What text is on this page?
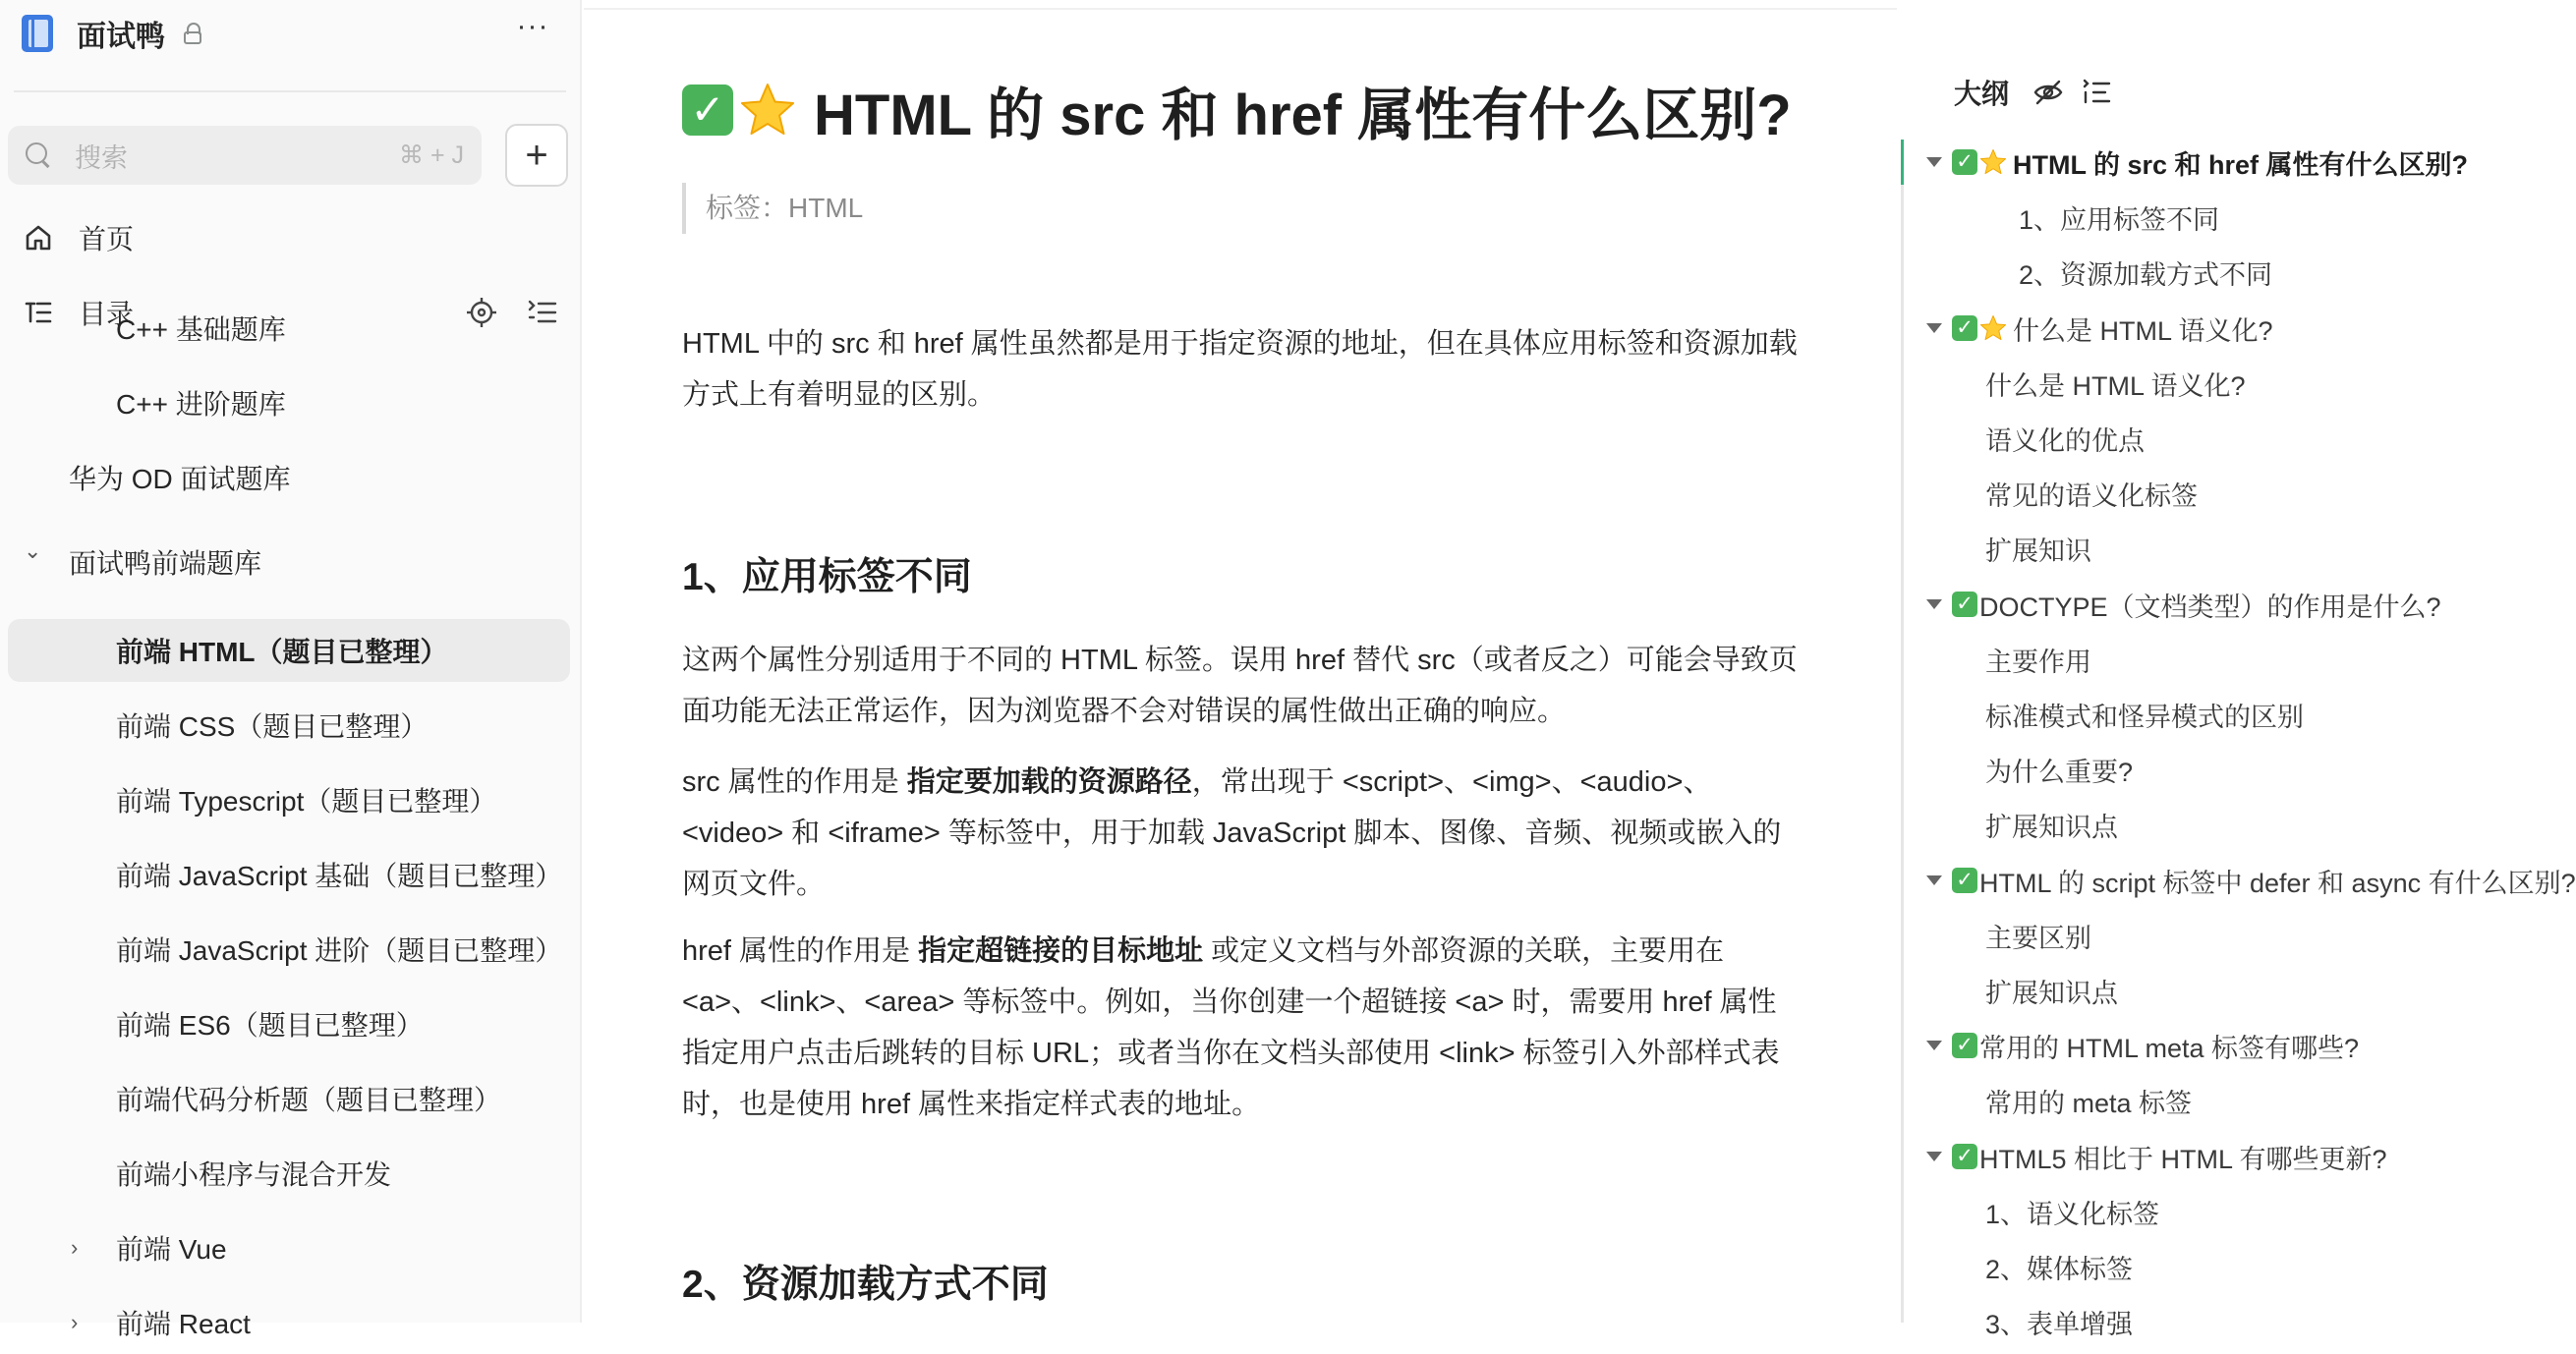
面试鸭	···
搜索	⌘ + J	+
首页
目录
C++ 基础题库
C++ 进阶题库
华为 OD 面试题库
⌄ 面试鸭前端题库
前端 HTML（题目已整理）
前端 CSS（题目已整理）
前端 Typescript（题目已整理）
前端 JavaScript 基础（题目已整理）
前端 JavaScript 进阶（题目已整理）
前端 ES6（题目已整理）
前端代码分析题（题目已整理）
前端小程序与混合开发
› 前端 Vue
› 前端 React
✓ HTML 的 src 和 href 属性有什么区别?
标签：HTML
HTML 中的 src 和 href 属性虽然都是用于指定资源的地址，但在具体应用标签和资源加载方式上有着明显的区别。
1、应用标签不同
这两个属性分别适用于不同的 HTML 标签。误用 href 替代 src（或者反之）可能会导致页面功能无法正常运作，因为浏览器不会对错误的属性做出正确的响应。
src 属性的作用是 指定要加载的资源路径，常出现于 <script>、<img>、<audio>、<video> 和 <iframe> 等标签中，用于加载 JavaScript 脚本、图像、音频、视频或嵌入的网页文件。
href 属性的作用是 指定超链接的目标地址 或定义文档与外部资源的关联，主要用在 <a>、<link>、<area> 等标签中。例如，当你创建一个超链接 <a> 时，需要用 href 属性指定用户点击后跳转的目标 URL；或者当你在文档头部使用 <link> 标签引入外部样式表时，也是使用 href 属性来指定样式表的地址。
2、资源加载方式不同
大纲
✓ HTML 的 src 和 href 属性有什么区别?
1、应用标签不同
2、资源加载方式不同
✓ 什么是 HTML 语义化?
什么是 HTML 语义化?
语义化的优点
常见的语义化标签
扩展知识
✓ DOCTYPE（文档类型）的作用是什么?
主要作用
标准模式和怪异模式的区别
为什么重要?
扩展知识点
✓ HTML 的 script 标签中 defer 和 async 有什么区别?
主要区别
扩展知识点
✓ 常用的 HTML meta 标签有哪些?
常用的 meta 标签
✓ HTML5 相比于 HTML 有哪些更新?
1、语义化标签
2、媒体标签
3、表单增强
